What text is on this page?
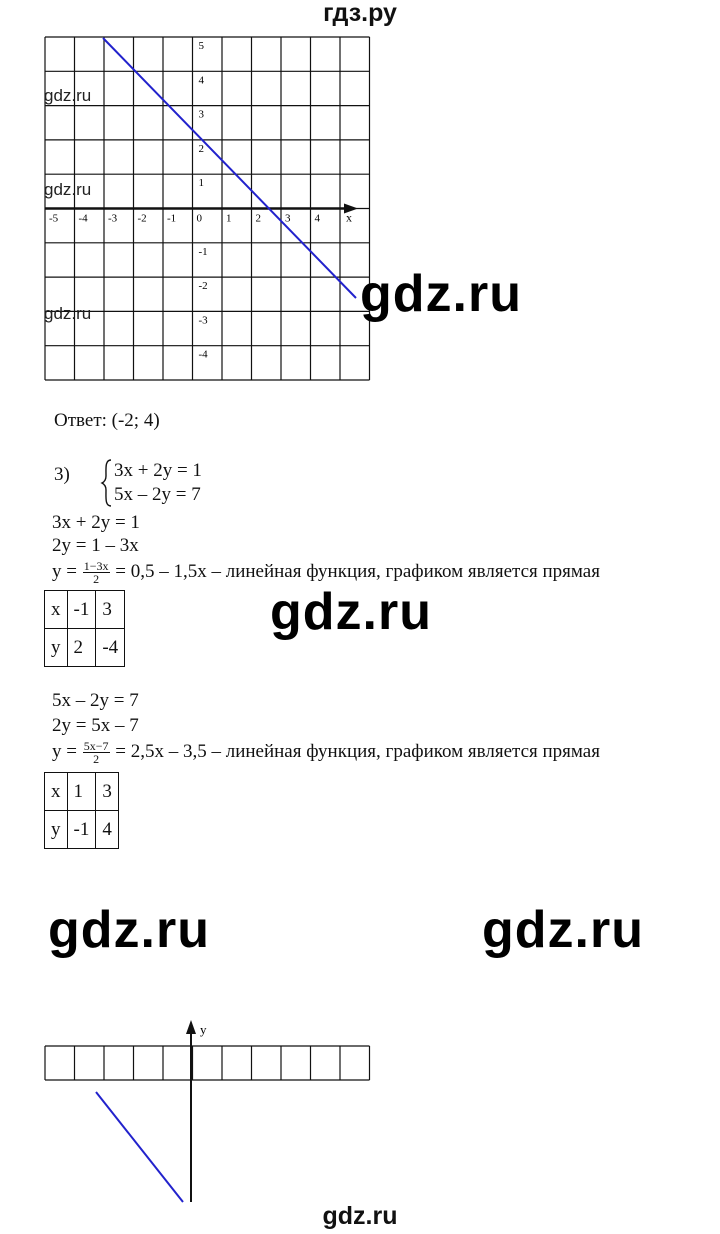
гдз.ру
-5 -4 -3 -2 -1 0 1 2 3 4 x
5
4
3
2
1
-1
-2
-3
-4
gdz.ru
gdz.ru
gdz.ru	gdz.ru
Ответ: (-2; 4)
3) 3x + 2y = 1
5x – 2y = 7
3x + 2y = 1
2y = 1 – 3x
$y = \frac{1-3x}{2} = 0,5 - 1,5x$ – линейная функция, графиком является прямая
x	-1	3
y	2	-4
gdz.ru
5x – 2y = 7
2y = 5x – 7
$y = \frac{5x-7}{2} = 2,5x - 3,5$ – линейная функция, графиком является прямая
x	1	3
y	-1	4
gdz.ru	gdz.ru
y
gdz.ru
